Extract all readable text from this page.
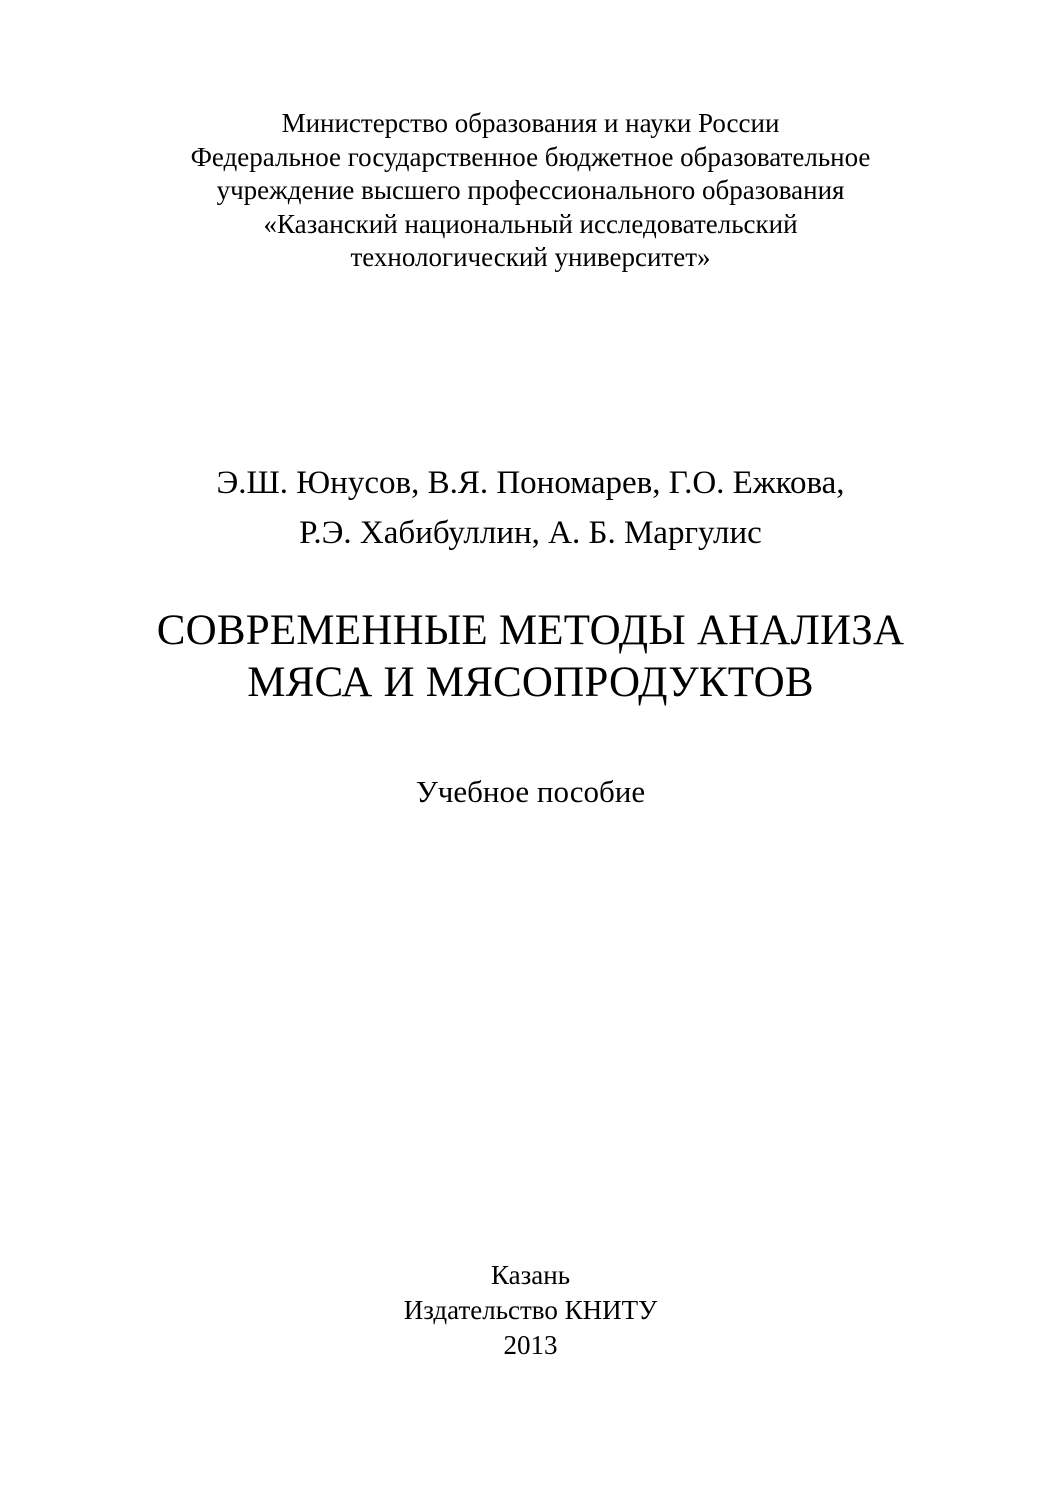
Министерство образования и науки России
Федеральное государственное бюджетное образовательное
учреждение высшего профессионального образования
«Казанский национальный исследовательский
технологический университет»
Э.Ш. Юнусов, В.Я. Пономарев, Г.О. Ежкова,
Р.Э. Хабибуллин, А. Б. Маргулис
СОВРЕМЕННЫЕ МЕТОДЫ АНАЛИЗА
МЯСА И МЯСОПРОДУКТОВ
Учебное пособие
Казань
Издательство КНИТУ
2013
